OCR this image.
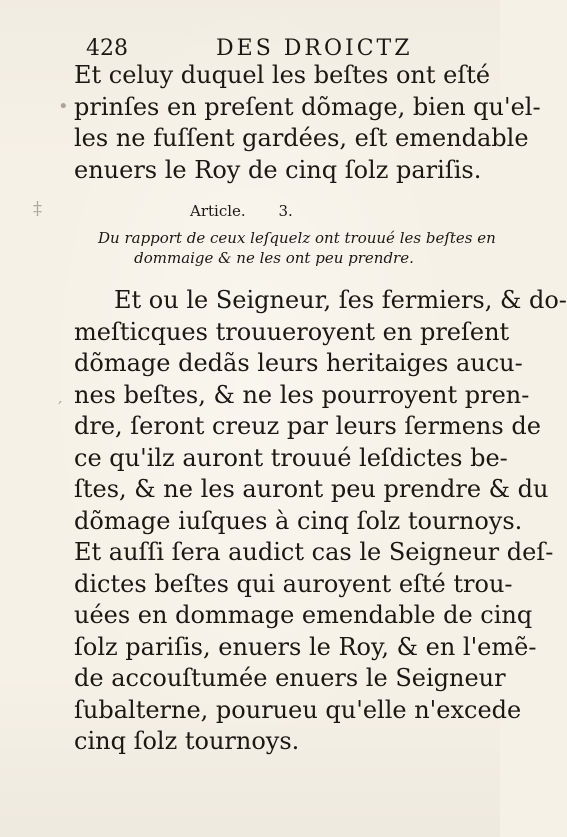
428	DES DROICTZ
Et celuy duquel les beſtes ont eſté
prinſes en preſent dõmage, bien qu'el-
les ne fuſſent gardées, eſt emendable
enuers le Roy de cinq ſolz pariſis.
Article. 3.
Du rapport de ceux leſquelz ont trouué les beſtes en
dommaige & ne les ont peu prendre.
Et ou le Seigneur, ſes fermiers, & do-
meſticques trouueroyent en preſent
dõmage dedãs leurs heritaiges aucu-
nes beſtes, & ne les pourroyent pren-
dre, ſeront creuz par leurs ſermens de
ce qu'ilz auront trouué leſdictes be-
ſtes, & ne les auront peu prendre & du
dõmage iuſques à cinq ſolz tournoys.
Et auſſi ſera audict cas le Seigneur deſ-
dictes beſtes qui auroyent eſté trou-
uées en dommage emendable de cinq
ſolz pariſis, enuers le Roy, & en l'emẽ-
de accouſtumée enuers le Seigneur
ſubalterne, pourueu qu'elle n'excede
cinq ſolz tournoys.
•
‡
′
